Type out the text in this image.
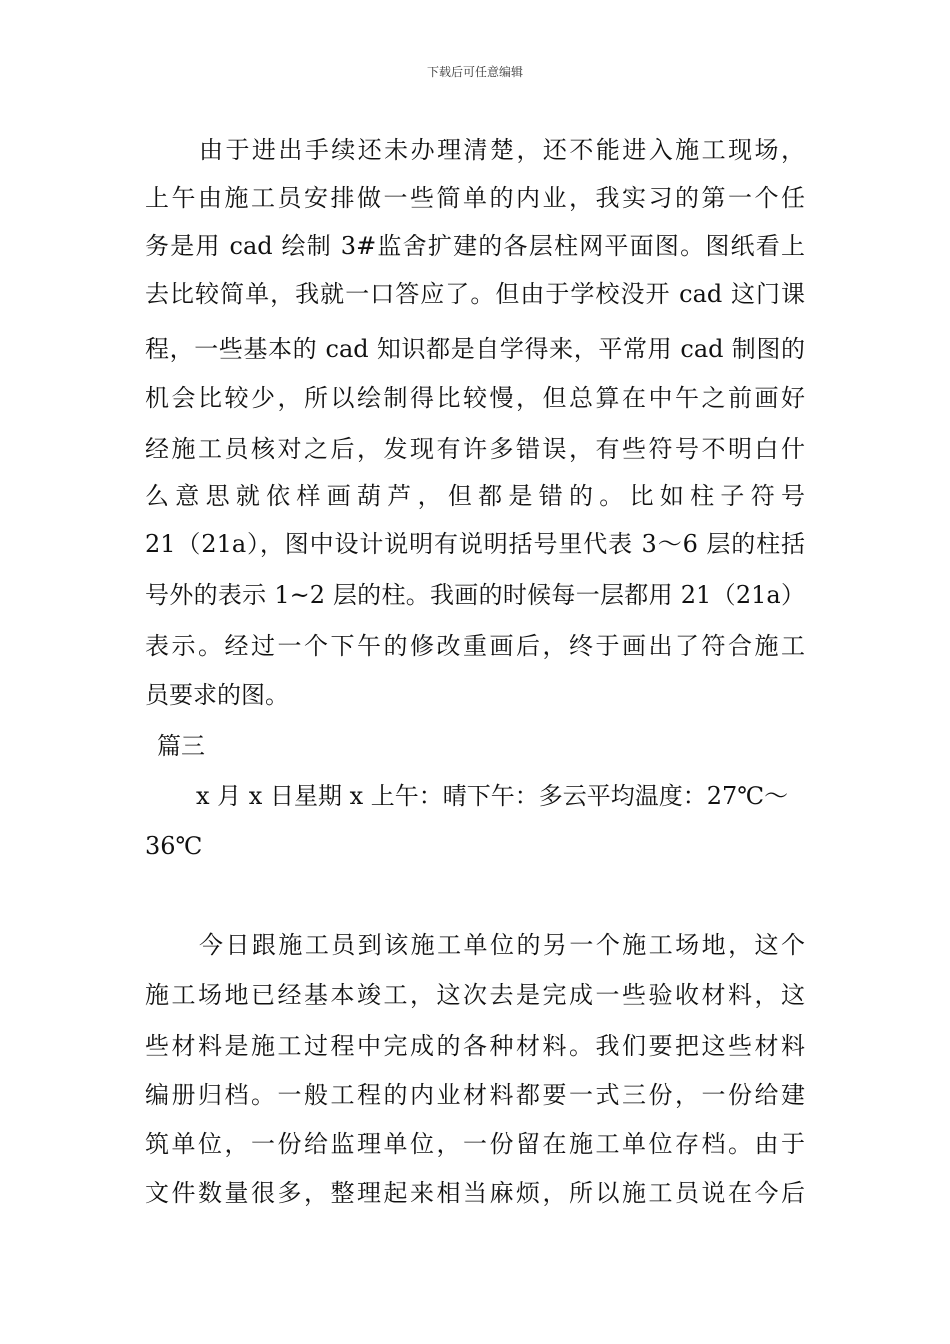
下载后可任意编辑
由于进出手续还未办理清楚，还不能进入施工现场，
上午由施工员安排做一些简单的内业，我实习的第一个任
务是用 cad 绘制 3#监舍扩建的各层柱网平面图。图纸看上
去比较简单，我就一口答应了。但由于学校没开 cad 这门课
程，一些基本的 cad 知识都是自学得来，平常用 cad 制图的
机会比较少，所以绘制得比较慢，但总算在中午之前画好
经施工员核对之后，发现有许多错误，有些符号不明白什
么意思就依样画葫芦，但都是错的。比如柱子符号
21（21a），图中设计说明有说明括号里代表 3～6 层的柱括
号外的表示 1~2 层的柱。我画的时候每一层都用 21（21a）
表示。经过一个下午的修改重画后，终于画出了符合施工
员要求的图。
篇三
x 月 x 日星期 x 上午：晴下午：多云平均温度：27℃～
36℃
今日跟施工员到该施工单位的另一个施工场地，这个
施工场地已经基本竣工，这次去是完成一些验收材料，这
些材料是施工过程中完成的各种材料。我们要把这些材料
编册归档。一般工程的内业材料都要一式三份，一份给建
筑单位，一份给监理单位，一份留在施工单位存档。由于
文件数量很多，整理起来相当麻烦，所以施工员说在今后
